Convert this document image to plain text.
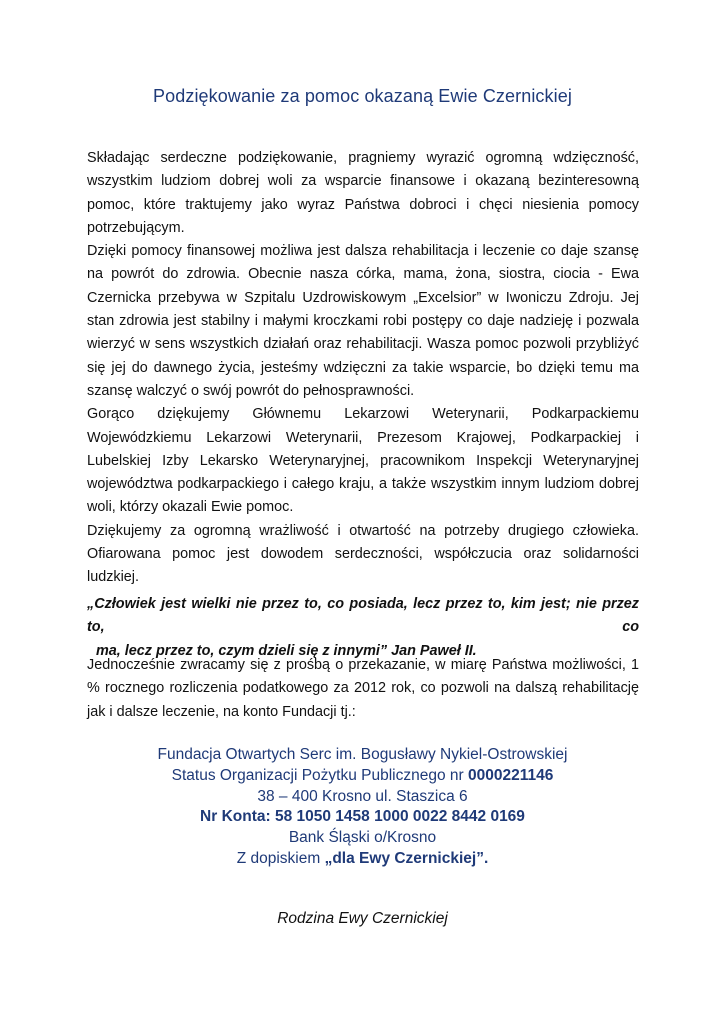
Podziękowanie za pomoc okazaną Ewie Czernickiej

Składając serdeczne podziękowanie, pragniemy wyrazić ogromną wdzięczność, wszystkim ludziom dobrej woli za wsparcie finansowe i okazaną bezinteresowną pomoc, które traktujemy jako wyraz Państwa dobroci i chęci niesienia pomocy potrzebującym.

Dzięki pomocy finansowej możliwa jest dalsza rehabilitacja i leczenie co daje szansę na powrót do zdrowia. Obecnie nasza córka, mama, żona, siostra, ciocia - Ewa Czernicka przebywa w Szpitalu Uzdrowiskowym „Excelsior” w Iwoniczu Zdroju. Jej stan zdrowia jest stabilny i małymi kroczkami robi postępy co daje nadzieję i pozwala wierzyć w sens wszystkich działań oraz rehabilitacji. Wasza pomoc pozwoli przybliżyć się jej do dawnego życia, jesteśmy wdzięczni za takie wsparcie, bo dzięki temu ma szansę walczyć o swój powrót do pełnosprawności.

Gorąco dziękujemy Głównemu Lekarzowi Weterynarii, Podkarpackiemu Wojewódzkiemu Lekarzowi Weterynarii, Prezesom Krajowej, Podkarpackiej i Lubelskiej Izby Lekarsko Weterynaryjnej, pracownikom Inspekcji Weterynaryjnej województwa podkarpackiego i całego kraju, a także wszystkim innym ludziom dobrej woli, którzy okazali Ewie pomoc.

Dziękujemy za ogromną wrażliwość i otwartość na potrzeby drugiego człowieka. Ofiarowana pomoc jest dowodem serdeczności, współczucia oraz solidarności ludzkiej.

„Człowiek jest wielki nie przez to, co posiada, lecz przez to, kim jest; nie przez to, co
ma, lecz przez to, czym dzieli się z innymi” Jan Paweł II.
Jednocześnie zwracamy się z prośbą o przekazanie, w miarę Państwa możliwości, 1 % rocznego rozliczenia podatkowego za 2012 rok, co pozwoli na dalszą rehabilitację jak i dalsze leczenie, na konto Fundacji tj.:
Fundacja Otwartych Serc im. Bogusławy Nykiel-Ostrowskiej
Status Organizacji Pożytku Publicznego nr 0000221146
38 – 400 Krosno ul. Staszica 6
Nr Konta: 58 1050 1458 1000 0022 8442 0169
Bank Śląski o/Krosno
Z dopiskiem „dla Ewy Czernickiej”.
Rodzina Ewy Czernickiej
